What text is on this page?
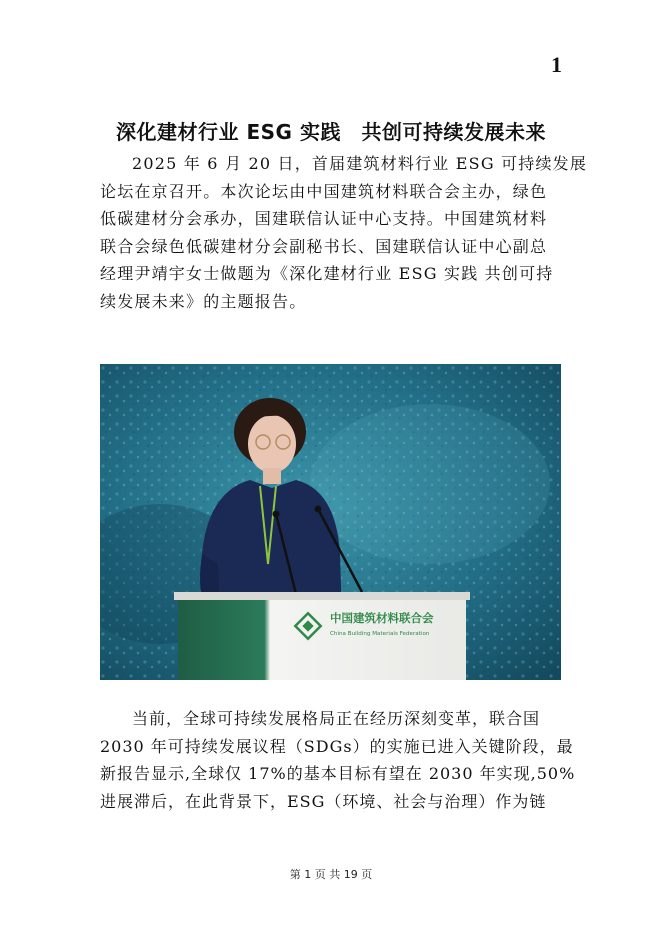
1
深化建材行业 ESG 实践　共创可持续发展未来

2025 年 6 月 20 日，首届建筑材料行业 ESG 可持续发展
论坛在京召开。本次论坛由中国建筑材料联合会主办，绿色
低碳建材分会承办，国建联信认证中心支持。中国建筑材料
联合会绿色低碳建材分会副秘书长、国建联信认证中心副总
经理尹靖宇女士做题为《深化建材行业 ESG 实践 共创可持
续发展未来》的主题报告。

中国建筑材料联合会
China Building Materials Federation

当前，全球可持续发展格局正在经历深刻变革，联合国
2030 年可持续发展议程（SDGs）的实施已进入关键阶段，最
新报告显示,全球仅 17%的基本目标有望在 2030 年实现,50%
进展滞后，在此背景下，ESG（环境、社会与治理）作为链

第 1 页 共 19 页
